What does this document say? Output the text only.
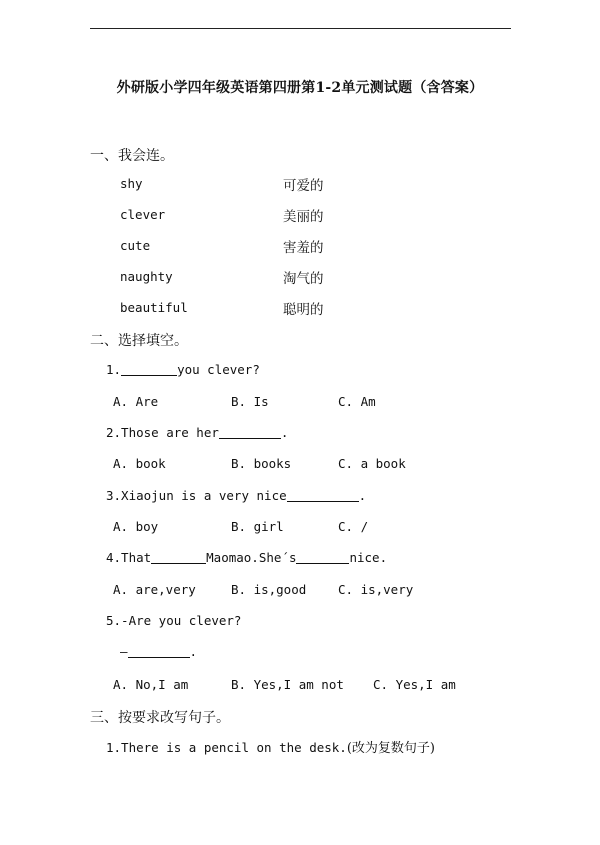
外研版小学四年级英语第四册第1-2单元测试题（含答案）
一、我会连。
shy	可爱的
clever	美丽的
cute	害羞的
naughty	淘气的
beautiful	聪明的
二、选择填空。
1.	you clever?
A. Are	B. Is	C. Am
2.Those are her	.
A. book	B. books	C. a book
3.Xiaojun is a very nice	.
A. boy	B. girl	C. /
4.That	Maomao.She´s	nice.
A. are,very	B. is,good	C. is,very
5.-Are you clever?
–	.
A. No,I am	B. Yes,I am not C. Yes,I am
三、按要求改写句子。
1.There is a pencil on the desk.(改为复数句子)
